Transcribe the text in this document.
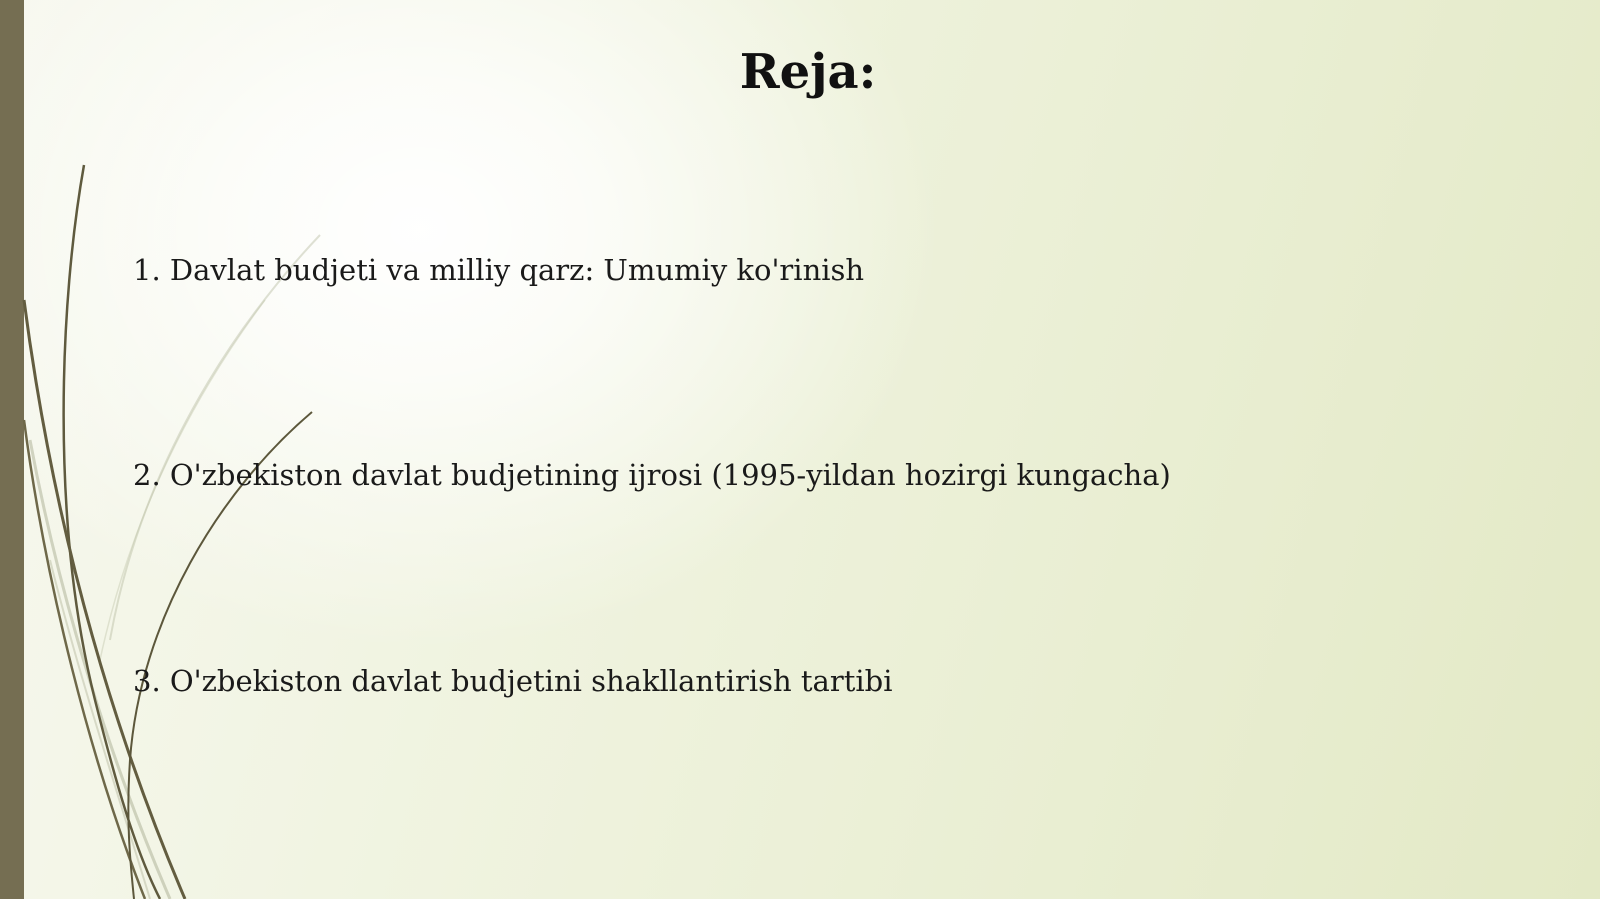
Reja:

1. Davlat budjeti va milliy qarz: Umumiy ko'rinish

2. O'zbekiston davlat budjetining ijrosi (1995-yildan hozirgi kungacha)

3. O'zbekiston davlat budjetini shakllantirish tartibi
